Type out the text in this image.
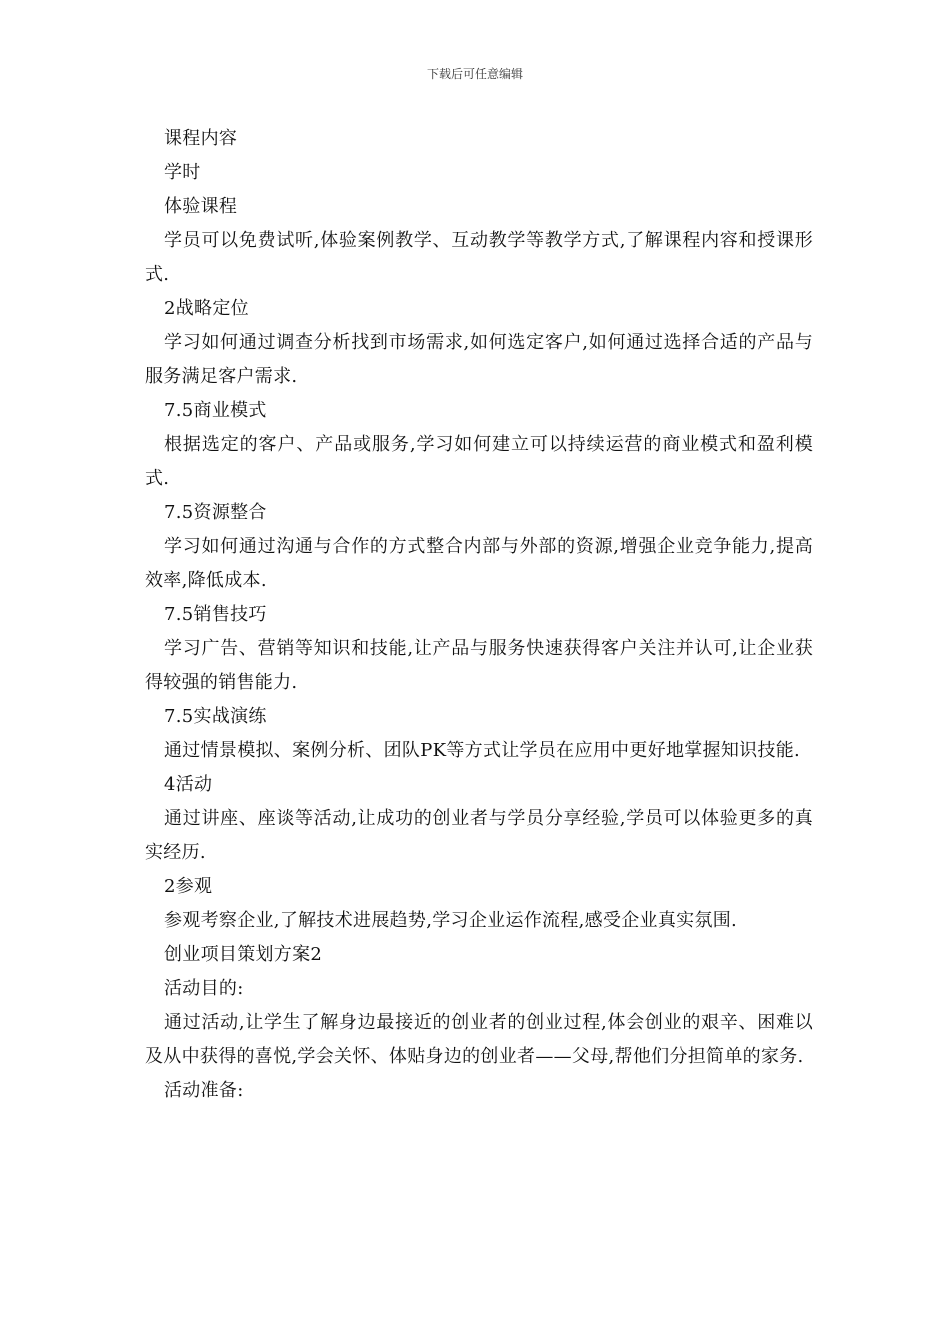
下载后可任意编辑

课程内容

学时

体验课程

学员可以免费试听,体验案例教学、互动教学等教学方式,了解课程内容和授课形式.

2战略定位

学习如何通过调查分析找到市场需求,如何选定客户,如何通过选择合适的产品与服务满足客户需求.

7.5商业模式

根据选定的客户、产品或服务,学习如何建立可以持续运营的商业模式和盈利模式.

7.5资源整合

学习如何通过沟通与合作的方式整合内部与外部的资源,增强企业竞争能力,提高效率,降低成本.

7.5销售技巧

学习广告、营销等知识和技能,让产品与服务快速获得客户关注并认可,让企业获得较强的销售能力.

7.5实战演练

通过情景模拟、案例分析、团队PK等方式让学员在应用中更好地掌握知识技能.

4活动

通过讲座、座谈等活动,让成功的创业者与学员分享经验,学员可以体验更多的真实经历.

2参观

参观考察企业,了解技术进展趋势,学习企业运作流程,感受企业真实氛围.

创业项目策划方案2

活动目的:

通过活动,让学生了解身边最接近的创业者的创业过程,体会创业的艰辛、困难以及从中获得的喜悦,学会关怀、体贴身边的创业者——父母,帮他们分担简单的家务.

活动准备:
